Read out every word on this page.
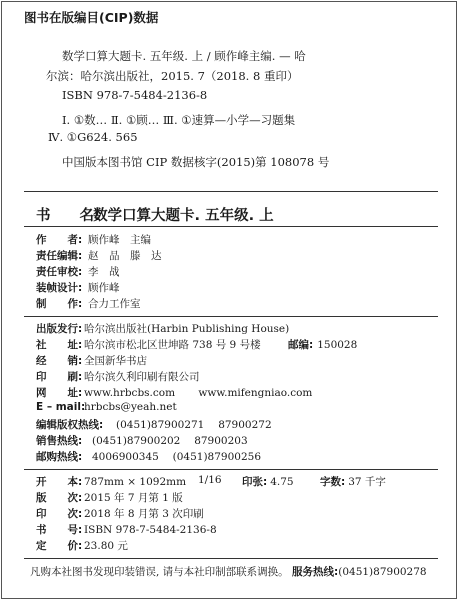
图书在版编目(CIP)数据
数学口算大题卡. 五年级. 上 / 顾作峰主编. — 哈
尔滨：哈尔滨出版社，2015. 7（2018. 8 重印）
ISBN 978-7-5484-2136-8
Ⅰ. ①数… Ⅱ. ①顾… Ⅲ. ①速算—小学—习题集
Ⅳ. ①G624. 565
中国版本图书馆 CIP 数据核字(2015)第 108078 号
书　　名: 数学口算大题卡. 五年级. 上
作　　者: 顾作峰　主编
责任编辑: 赵　品　滕　达
责任审校: 李　战
装帧设计: 顾作峰
制　　作: 合力工作室
出版发行: 哈尔滨出版社(Harbin Publishing House)
社　　址: 哈尔滨市松北区世坤路 738 号 9 号楼	邮编: 150028
经　　销: 全国新华书店
印　　刷: 哈尔滨久利印刷有限公司
网　　址: www.hrbcbs.com www.mifengniao.com
E – mail:hrbcbs@yeah.net
编辑版权热线: (0451)87900271　 87900272
销售热线: (0451)87900202　 87900203
邮购热线: 4006900345　 (0451)87900256
开　　本: 787mm × 1092mm 1/16 印张: 4.75	字数: 37 千字
版　　次: 2015 年 7 月第 1 版
印　　次: 2018 年 8 月第 3 次印刷
书　　号: ISBN 978-7-5484-2136-8
定　　价: 23.80 元
凡购本社图书发现印装错误, 请与本社印制部联系调换。 服务热线:(0451)87900278
